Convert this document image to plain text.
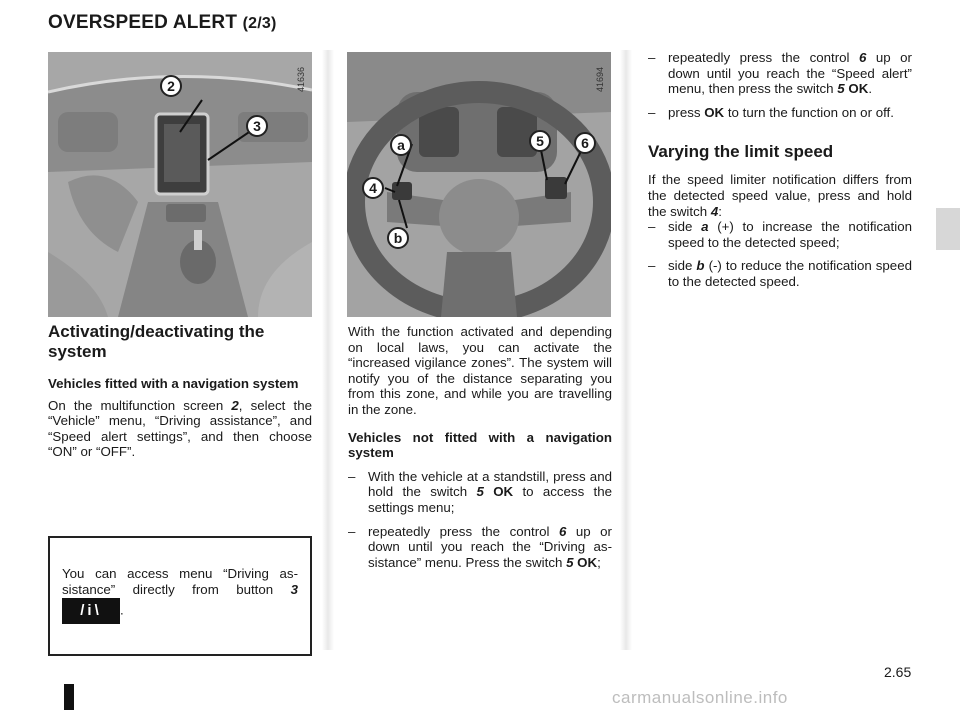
OVERSPEED ALERT (2/3)
2
3
41636
a
4
b
5	6
41694
Activating/deactivating the system

Vehicles fitted with a navigation system

On the multifunction screen 2, select the “Vehicle” menu, “Driving assistance”, and “Speed alert settings”, and then choose “ON” or “OFF”.

You can access menu “Driving assistance” directly from button 3 /i\ .

With the function activated and depending on local laws, you can activate the “increased vigilance zones”. The system will notify you of the distance separating you from this zone, and while you are travelling in the zone.

Vehicles not fitted with a navigation system

– With the vehicle at a standstill, press and hold the switch 5 OK to access the settings menu;

– repeatedly press the control 6 up or down until you reach the “Driving assistance” menu. Press the switch 5 OK;

– repeatedly press the control 6 up or down until you reach the “Speed alert” menu, then press the switch 5 OK.

– press OK to turn the function on or off.

Varying the limit speed

If the speed limiter notification differs from the detected speed value, press and hold the switch 4:

– side a (+) to increase the notification speed to the detected speed;

– side b (-) to reduce the notification speed to the detected speed.

2.65
carmanualsonline.info
